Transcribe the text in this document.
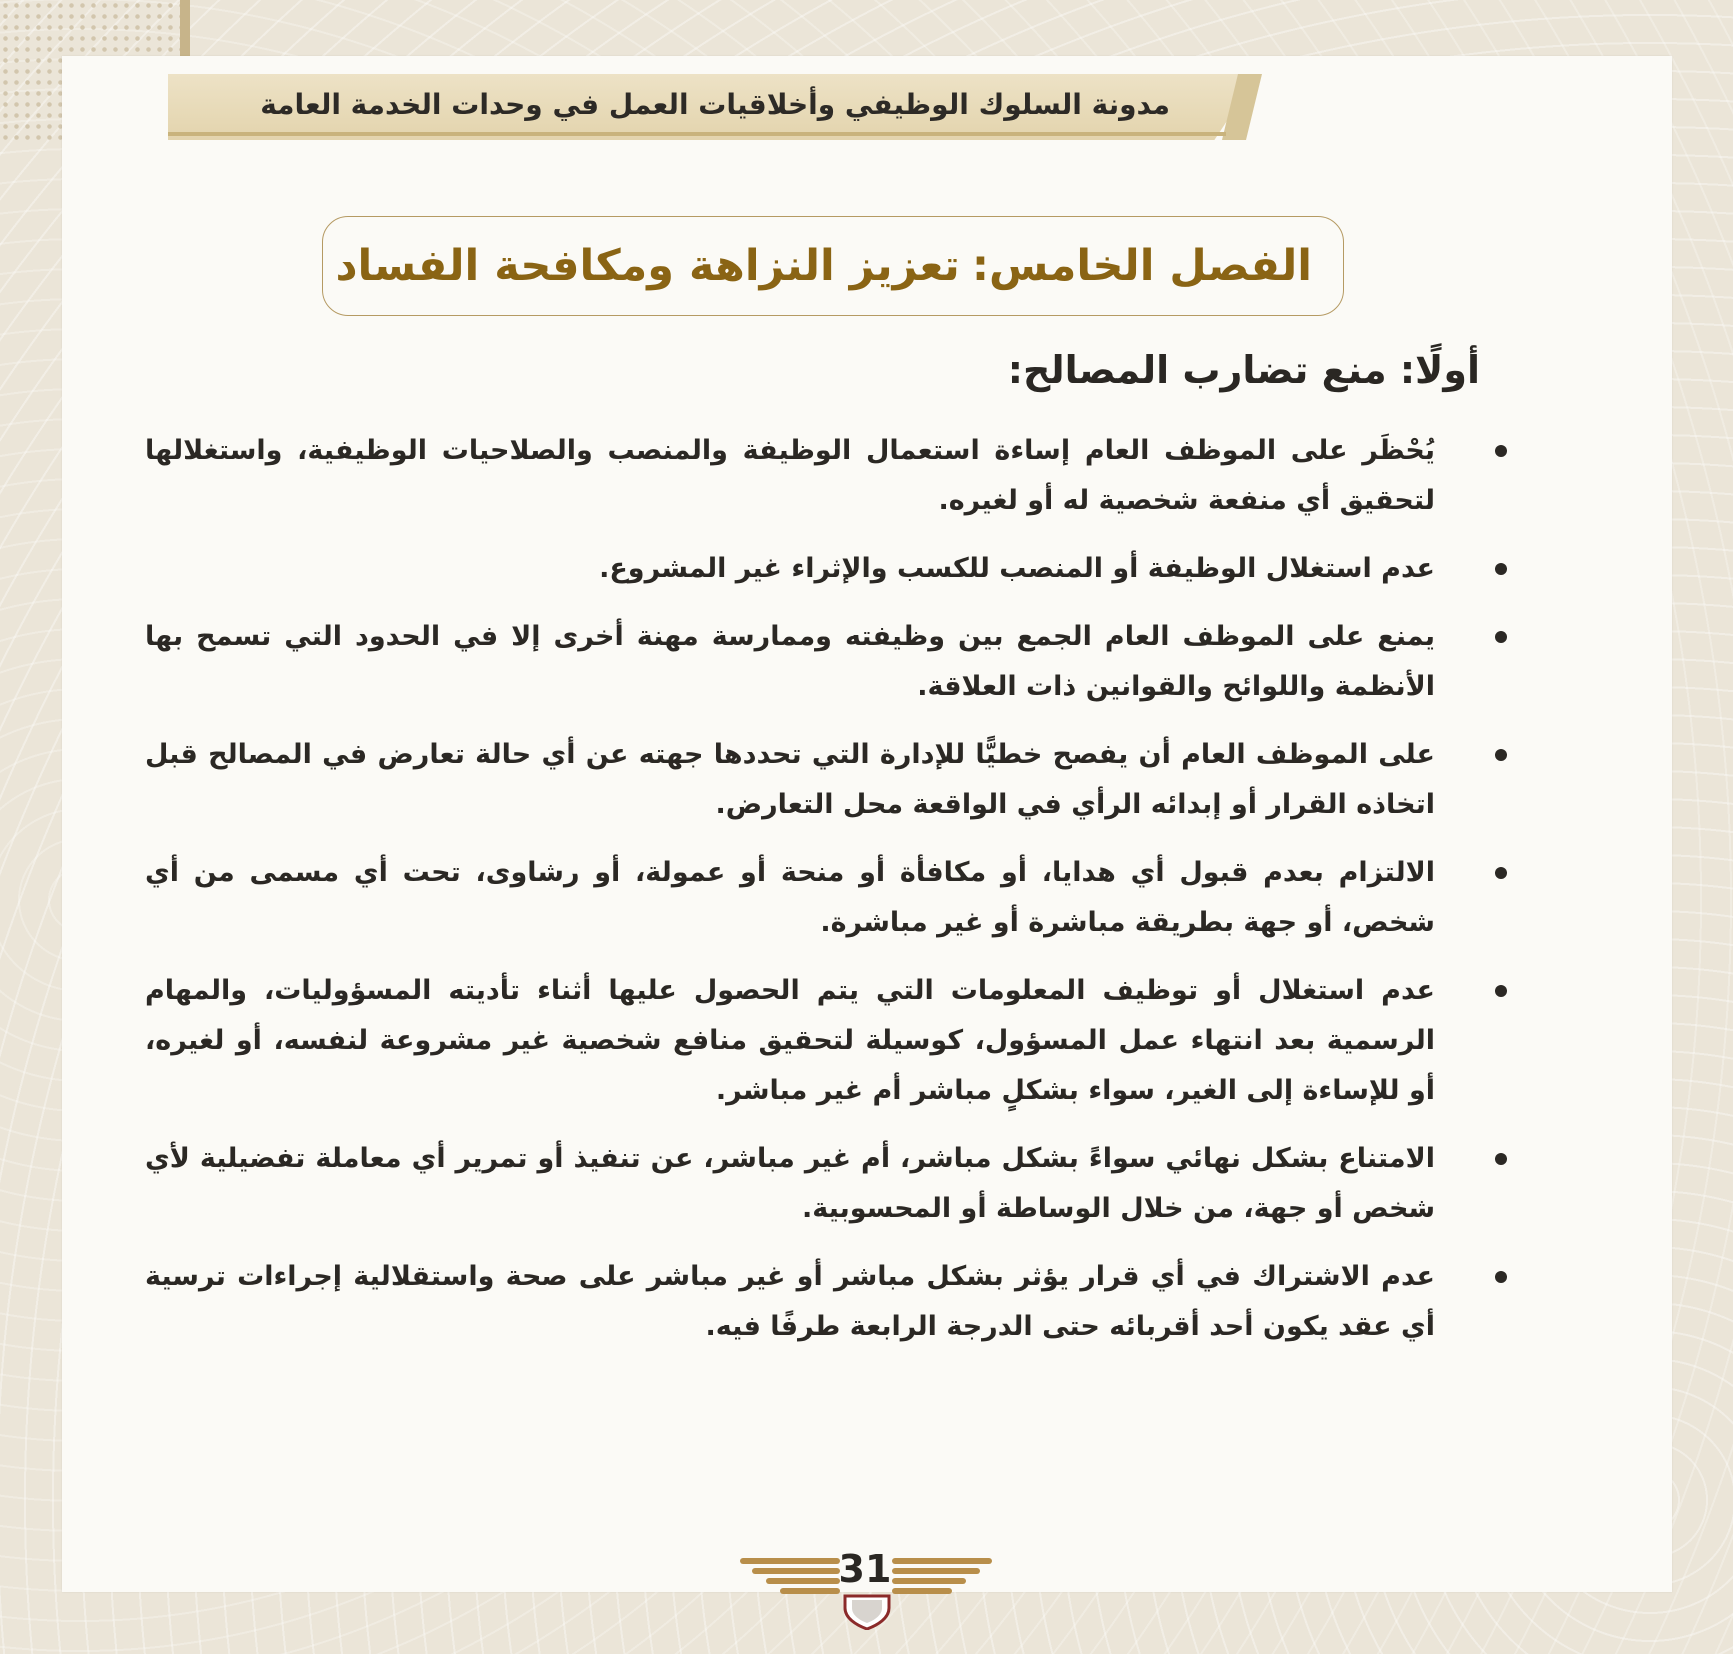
مدونة السلوك الوظيفي وأخلاقيات العمل في وحدات الخدمة العامة
الفصل الخامس:تعزيز النزاهة ومكافحة الفساد
أولًا: منع تضارب المصالح:
يُحْظَر على الموظف العام إساءة استعمال الوظيفة والمنصب والصلاحيات الوظيفية، واستغلالها لتحقيق أي منفعة شخصية له أو لغيره.
عدم استغلال الوظيفة أو المنصب للكسب والإثراء غير المشروع.
يمنع على الموظف العام الجمع بين وظيفته وممارسة مهنة أخرى إلا في الحدود التي تسمح بها الأنظمة واللوائح والقوانين ذات العلاقة.
على الموظف العام أن يفصح خطيًّا للإدارة التي تحددها جهته عن أي حالة تعارض في المصالح قبل اتخاذه القرار أو إبدائه الرأي في الواقعة محل التعارض.
الالتزام بعدم قبول أي هدايا، أو مكافأة أو منحة أو عمولة، أو رشاوى، تحت أي مسمى من أي شخص، أو جهة بطريقة مباشرة أو غير مباشرة.
عدم استغلال أو توظيف المعلومات التي يتم الحصول عليها أثناء تأديته المسؤوليات، والمهام الرسمية بعد انتهاء عمل المسؤول، كوسيلة لتحقيق منافع شخصية غير مشروعة لنفسه، أو لغيره، أو للإساءة إلى الغير، سواء بشكلٍ مباشر أم غير مباشر.
الامتناع بشكل نهائي سواءً بشكل مباشر، أم غير مباشر، عن تنفيذ أو تمرير أي معاملة تفضيلية لأي شخص أو جهة، من خلال الوساطة أو المحسوبية.
عدم الاشتراك في أي قرار يؤثر بشكل مباشر أو غير مباشر على صحة واستقلالية إجراءات ترسية أي عقد يكون أحد أقربائه حتى الدرجة الرابعة طرفًا فيه.
31
